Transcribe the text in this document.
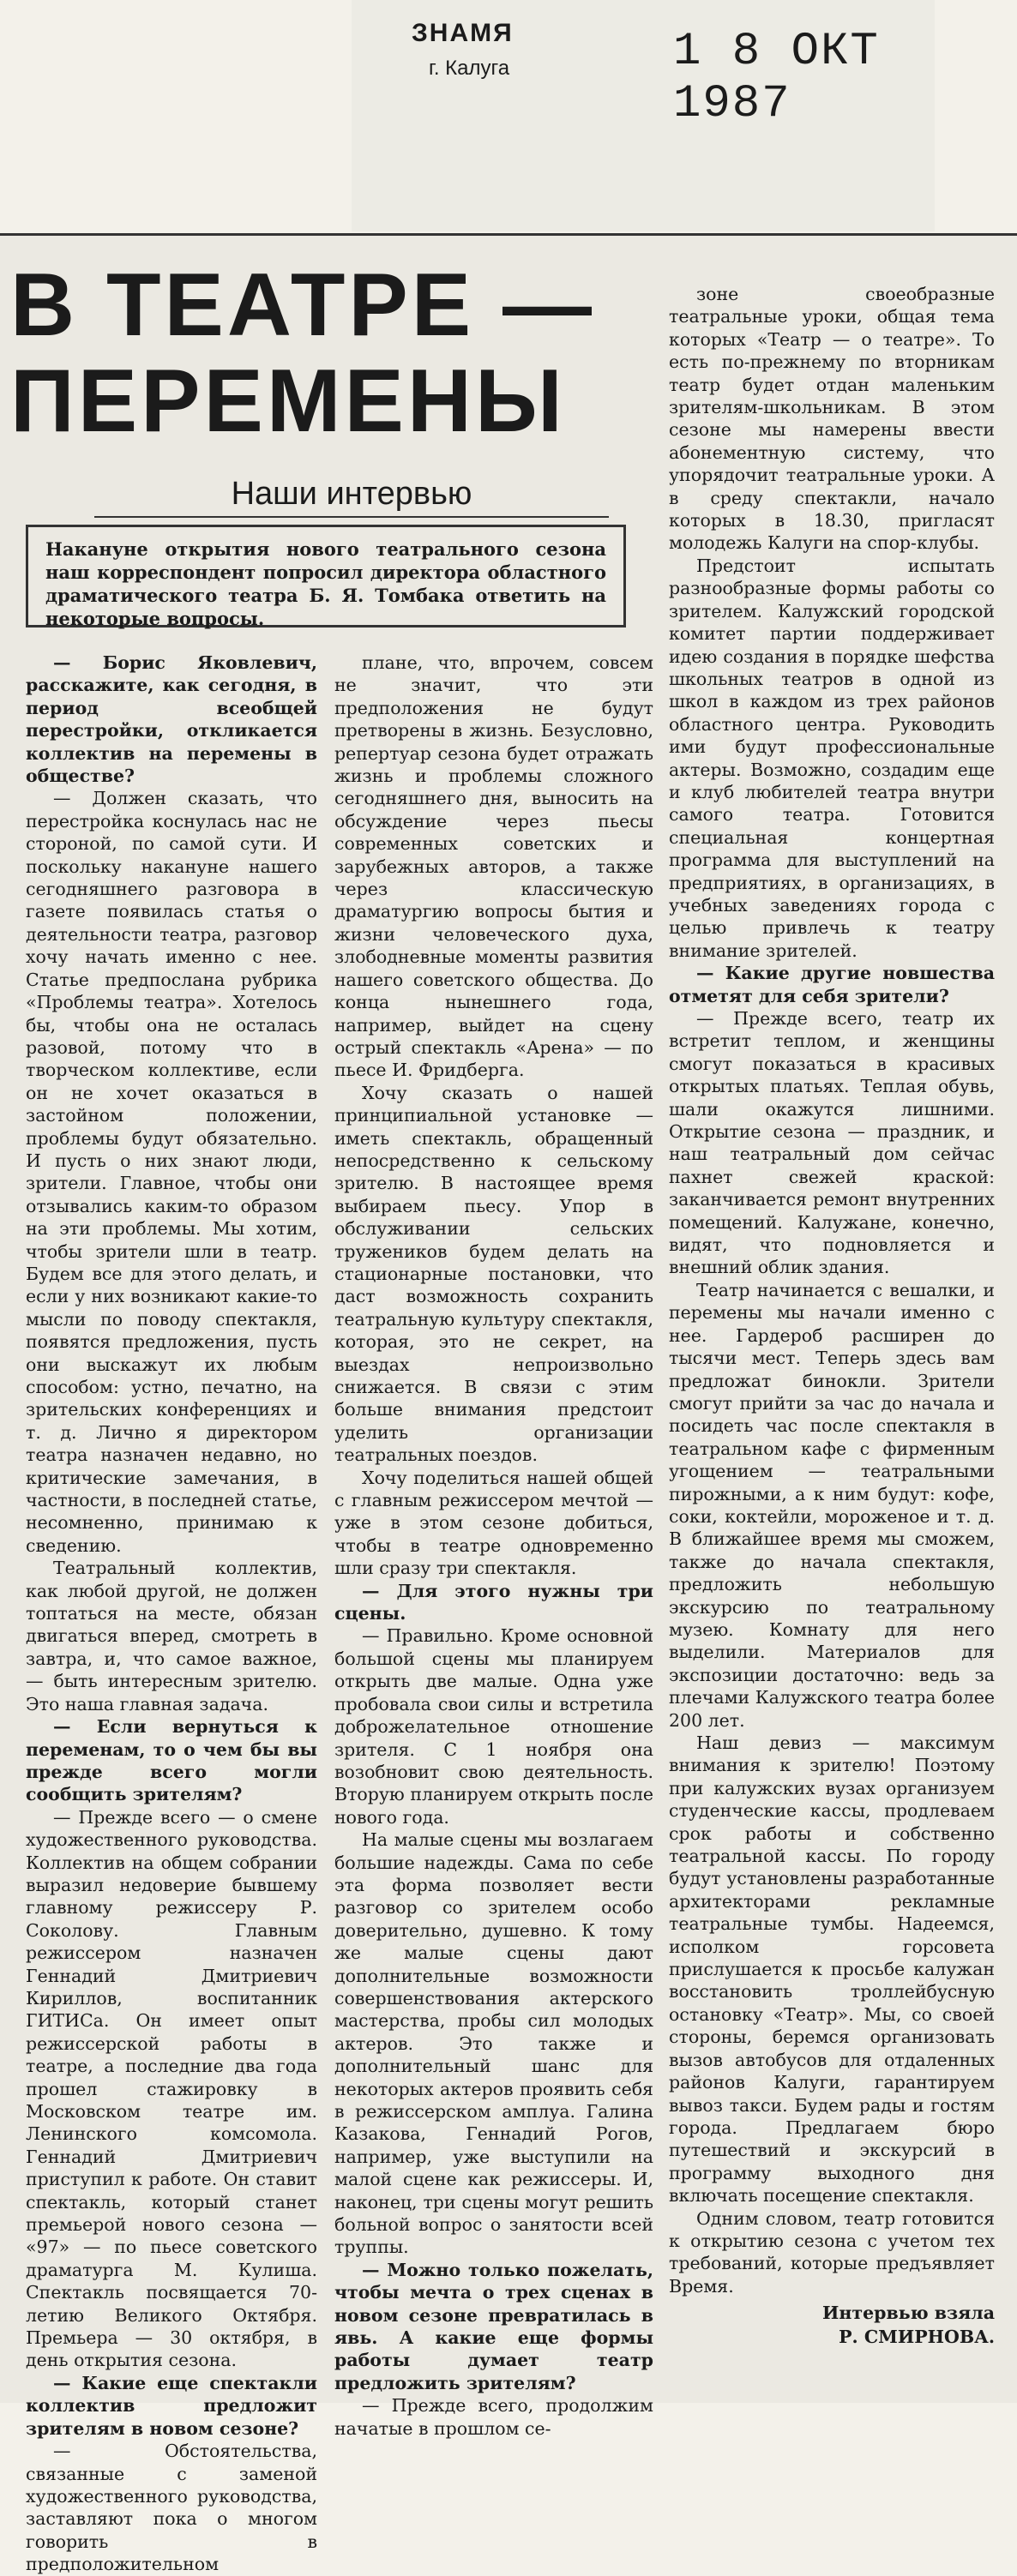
ЗНАМЯ
г. Калуга	1 8 ОКТ 1987
В ТЕАТРЕ —
ПЕРЕМЕНЫ
Наши интервью
Накануне открытия нового театрального сезона наш корреспондент попросил директора областного драматического театра Б. Я. Томбака ответить на некоторые вопросы.

— Борис Яковлевич, расскажите, как сегодня, в период всеобщей перестройки, откликается коллектив на перемены в обществе?

— Должен сказать, что перестройка коснулась нас не стороной, по самой сути. И поскольку накануне нашего сегодняшнего разговора в газете появилась статья о деятельности театра, разговор хочу начать именно с нее. Статье предпослана рубрика «Проблемы театра». Хотелось бы, чтобы она не осталась разовой, потому что в творческом коллективе, если он не хочет оказаться в застойном положении, проблемы будут обязательно. И пусть о них знают люди, зрители. Главное, чтобы они отзывались каким-то образом на эти проблемы. Мы хотим, чтобы зрители шли в театр. Будем все для этого делать, и если у них возникают какие-то мысли по поводу спектакля, появятся предложения, пусть они выскажут их любым способом: устно, печатно, на зрительских конференциях и т. д. Лично я директором театра назначен недавно, но критические замечания, в частности, в последней статье, несомненно, принимаю к сведению.

Театральный коллектив, как любой другой, не должен топтаться на месте, обязан двигаться вперед, смотреть в завтра, и, что самое важное, — быть интересным зрителю. Это наша главная задача.

— Если вернуться к переменам, то о чем бы вы прежде всего могли сообщить зрителям?

— Прежде всего — о смене художественного руководства. Коллектив на общем собрании выразил недоверие бывшему главному режиссеру Р. Соколову. Главным режиссером назначен Геннадий Дмитриевич Кириллов, воспитанник ГИТИСа. Он имеет опыт режиссерской работы в театре, а последние два года прошел стажировку в Московском театре им. Ленинского комсомола. Геннадий Дмитриевич приступил к работе. Он ставит спектакль, который станет премьерой нового сезона — «97» — по пьесе советского драматурга М. Кулиша. Спектакль посвящается 70-летию Великого Октября. Премьера — 30 октября, в день открытия сезона.

— Какие еще спектакли коллектив предложит зрителям в новом сезоне?

— Обстоятельства, связанные с заменой художественного руководства, заставляют пока о многом говорить в предположительном

плане, что, впрочем, совсем не значит, что эти предположения не будут претворены в жизнь. Безусловно, репертуар сезона будет отражать жизнь и проблемы сложного сегодняшнего дня, выносить на обсуждение через пьесы современных советских и зарубежных авторов, а также через классическую драматургию вопросы бытия и жизни человеческого духа, злободневные моменты развития нашего советского общества. До конца нынешнего года, например, выйдет на сцену острый спектакль «Арена» — по пьесе И. Фридберга.

Хочу сказать о нашей принципиальной установке — иметь спектакль, обращенный непосредственно к сельскому зрителю. В настоящее время выбираем пьесу. Упор в обслуживании сельских тружеников будем делать на стационарные постановки, что даст возможность сохранить театральную культуру спектакля, которая, это не секрет, на выездах непроизвольно снижается. В связи с этим больше внимания предстоит уделить организации театральных поездов.

Хочу поделиться нашей общей с главным режиссером мечтой — уже в этом сезоне добиться, чтобы в театре одновременно шли сразу три спектакля.

— Для этого нужны три сцены.

— Правильно. Кроме основной большой сцены мы планируем открыть две малые. Одна уже пробовала свои силы и встретила доброжелательное отношение зрителя. С 1 ноября она возобновит свою деятельность. Вторую планируем открыть после нового года.

На малые сцены мы возлагаем большие надежды. Сама по себе эта форма позволяет вести разговор со зрителем особо доверительно, душевно. К тому же малые сцены дают дополнительные возможности совершенствования актерского мастерства, пробы сил молодых актеров. Это также и дополнительный шанс для некоторых актеров проявить себя в режиссерском амплуа. Галина Казакова, Геннадий Рогов, например, уже выступили на малой сцене как режиссеры. И, наконец, три сцены могут решить больной вопрос о занятости всей труппы.

— Можно только пожелать, чтобы мечта о трех сценах в новом сезоне превратилась в явь. А какие еще формы работы думает театр предложить зрителям?

— Прежде всего, продолжим начатые в прошлом се-

зоне своеобразные театральные уроки, общая тема которых «Театр — о театре». То есть по-прежнему по вторникам театр будет отдан маленьким зрителям-школьникам. В этом сезоне мы намерены ввести абонементную систему, что упорядочит театральные уроки. А в среду спектакли, начало которых в 18.30, пригласят молодежь Калуги на спор-клубы.

Предстоит испытать разнообразные формы работы со зрителем. Калужский городской комитет партии поддерживает идею создания в порядке шефства школьных театров в одной из школ в каждом из трех районов областного центра. Руководить ими будут профессиональные актеры. Возможно, создадим еще и клуб любителей театра внутри самого театра. Готовится специальная концертная программа для выступлений на предприятиях, в организациях, в учебных заведениях города с целью привлечь к театру внимание зрителей.

— Какие другие новшества отметят для себя зрители?

— Прежде всего, театр их встретит теплом, и женщины смогут показаться в красивых открытых платьях. Теплая обувь, шали окажутся лишними. Открытие сезона — праздник, и наш театральный дом сейчас пахнет свежей краской: заканчивается ремонт внутренних помещений. Калужане, конечно, видят, что подновляется и внешний облик здания.

Театр начинается с вешалки, и перемены мы начали именно с нее. Гардероб расширен до тысячи мест. Теперь здесь вам предложат бинокли. Зрители смогут прийти за час до начала и посидеть час после спектакля в театральном кафе с фирменным угощением — театральными пирожными, а к ним будут: кофе, соки, коктейли, мороженое и т. д. В ближайшее время мы сможем, также до начала спектакля, предложить небольшую экскурсию по театральному музею. Комнату для него выделили. Материалов для экспозиции достаточно: ведь за плечами Калужского театра более 200 лет.

Наш девиз — максимум внимания к зрителю! Поэтому при калужских вузах организуем студенческие кассы, продлеваем срок работы и собственно театральной кассы. По городу будут установлены разработанные архитекторами рекламные театральные тумбы. Надеемся, исполком горсовета прислушается к просьбе калужан восстановить троллейбусную остановку «Театр». Мы, со своей стороны, беремся организовать вызов автобусов для отдаленных районов Калуги, гарантируем вывоз такси. Будем рады и гостям города. Предлагаем бюро путешествий и экскурсий в программу выходного дня включать посещение спектакля.

Одним словом, театр готовится к открытию сезона с учетом тех требований, которые предъявляет Время.

Интервью взяла
Р. СМИРНОВА.
